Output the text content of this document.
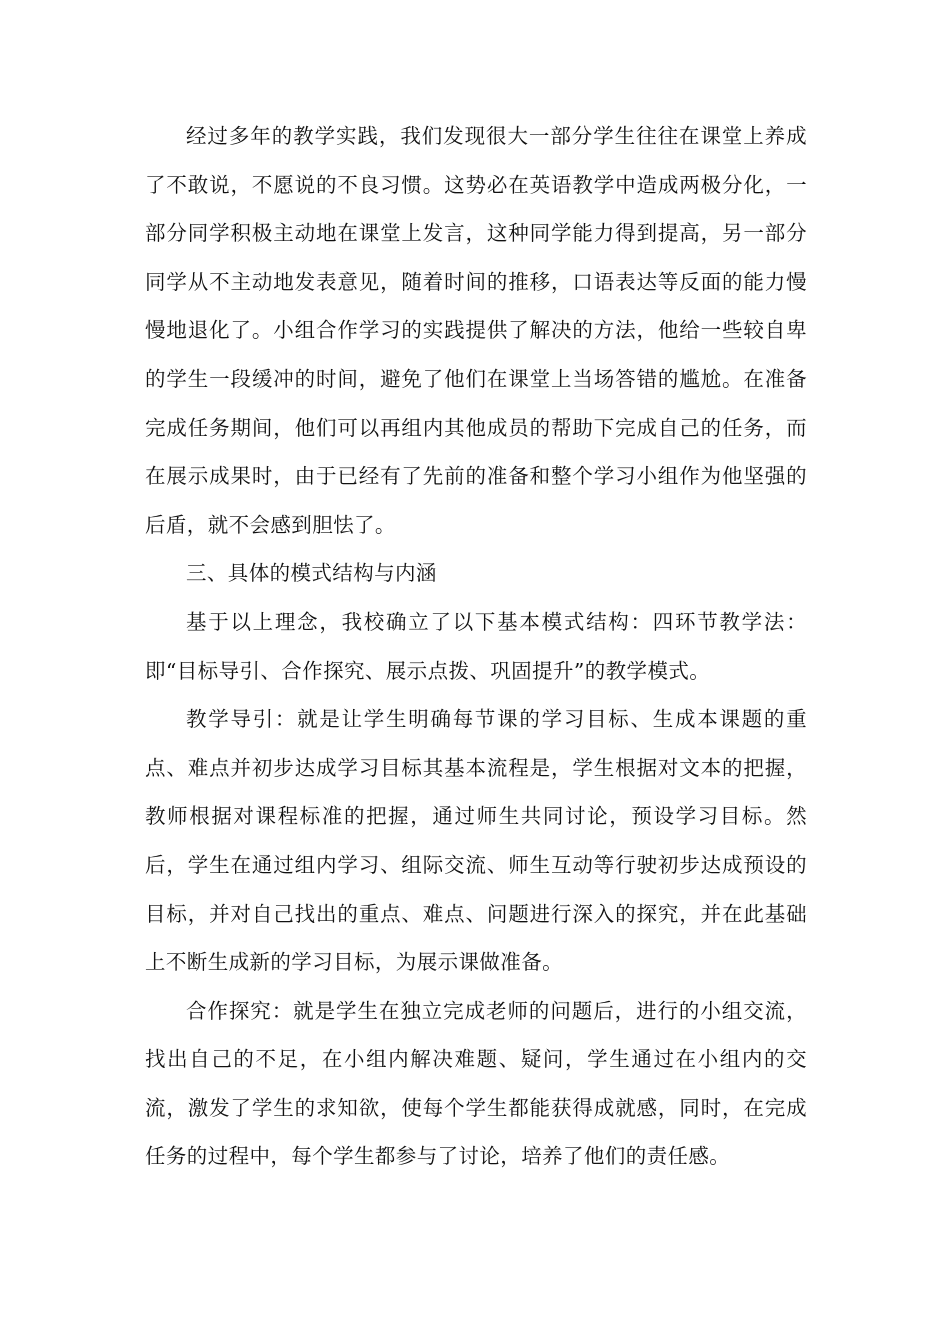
经过多年的教学实践，我们发现很大一部分学生往往在课堂上养成了不敢说，不愿说的不良习惯。这势必在英语教学中造成两极分化，一部分同学积极主动地在课堂上发言，这种同学能力得到提高，另一部分同学从不主动地发表意见，随着时间的推移，口语表达等反面的能力慢慢地退化了。小组合作学习的实践提供了解决的方法，他给一些较自卑的学生一段缓冲的时间，避免了他们在课堂上当场答错的尴尬。在准备完成任务期间，他们可以再组内其他成员的帮助下完成自己的任务，而在展示成果时，由于已经有了先前的准备和整个学习小组作为他坚强的后盾，就不会感到胆怯了。

三、具体的模式结构与内涵

基于以上理念，我校确立了以下基本模式结构：四环节教学法：即“目标导引、合作探究、展示点拨、巩固提升”的教学模式。

教学导引：就是让学生明确每节课的学习目标、生成本课题的重点、难点并初步达成学习目标其基本流程是，学生根据对文本的把握，教师根据对课程标准的把握，通过师生共同讨论，预设学习目标。然后，学生在通过组内学习、组际交流、师生互动等行驶初步达成预设的目标，并对自己找出的重点、难点、问题进行深入的探究，并在此基础上不断生成新的学习目标，为展示课做准备。

合作探究：就是学生在独立完成老师的问题后，进行的小组交流，找出自己的不足，在小组内解决难题、疑问，学生通过在小组内的交流，激发了学生的求知欲，使每个学生都能获得成就感，同时，在完成任务的过程中，每个学生都参与了讨论，培养了他们的责任感。
